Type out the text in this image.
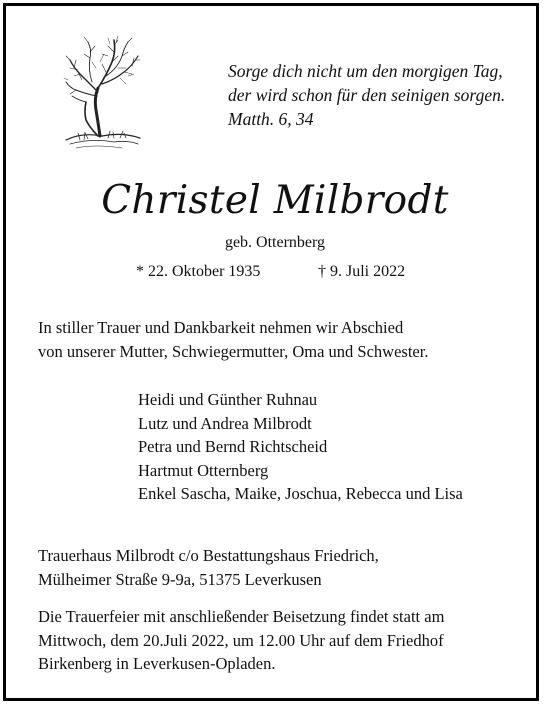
Sorge dich nicht um den morgigen Tag,
der wird schon für den seinigen sorgen.
Matth. 6, 34
Christel Milbrodt
geb. Otternberg
* 22. Oktober 1935	† 9. Juli 2022
In stiller Trauer und Dankbarkeit nehmen wir Abschied
von unserer Mutter, Schwiegermutter, Oma und Schwester.
Heidi und Günther Ruhnau
Lutz und Andrea Milbrodt
Petra und Bernd Richtscheid
Hartmut Otternberg
Enkel Sascha, Maike, Joschua, Rebecca und Lisa
Trauerhaus Milbrodt c/o Bestattungshaus Friedrich,
Mülheimer Straße 9-9a, 51375 Leverkusen
Die Trauerfeier mit anschließender Beisetzung findet statt am
Mittwoch, dem 20.Juli 2022, um 12.00 Uhr auf dem Friedhof
Birkenberg in Leverkusen-Opladen.
